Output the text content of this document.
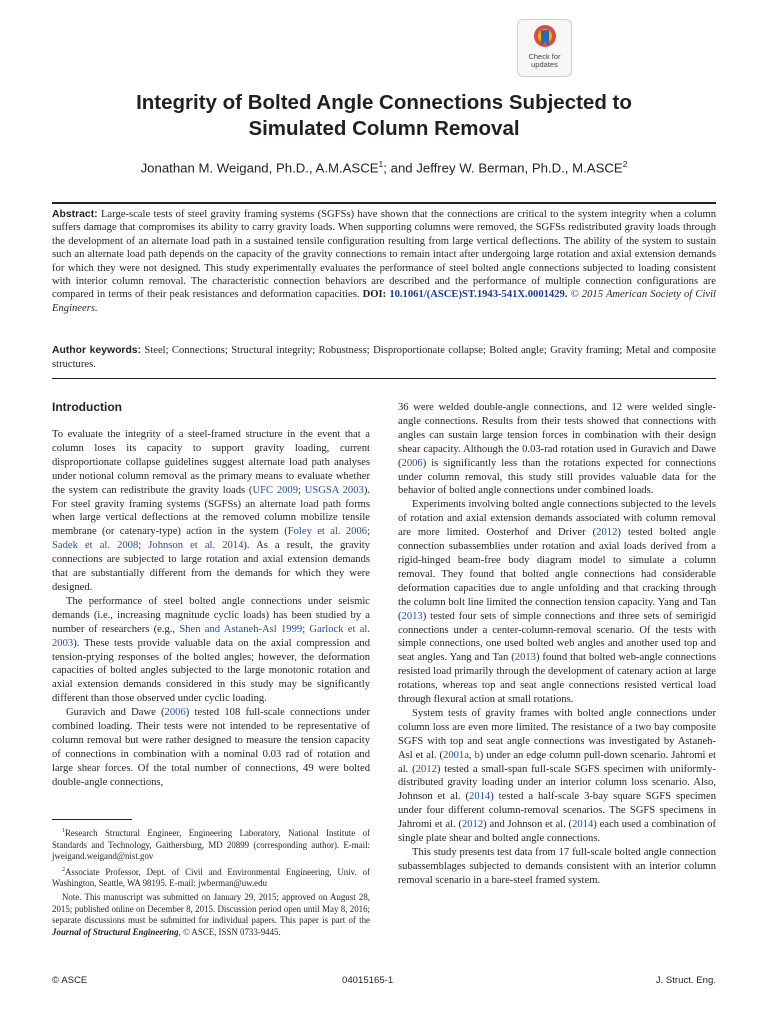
Check for
updates
Integrity of Bolted Angle Connections Subjected to
Simulated Column Removal

Jonathan M. Weigand, Ph.D., A.M.ASCE$^1$; and Jeffrey W. Berman, Ph.D., M.ASCE$^2$

Abstract: Large-scale tests of steel gravity framing systems (SGFSs) have shown that the connections are critical to the system integrity when a column suffers damage that compromises its ability to carry gravity loads. When supporting columns were removed, the SGFSs redistributed gravity loads through the development of an alternate load path in a sustained tensile configuration resulting from large vertical deflections. The ability of the system to sustain such an alternate load path depends on the capacity of the gravity connections to remain intact after undergoing large rotation and axial extension demands for which they were not designed. This study experimentally evaluates the performance of steel bolted angle connections subjected to loading consistent with interior column removal. The characteristic connection behaviors are described and the performance of multiple connection configurations are compared in terms of their peak resistances and deformation capacities. DOI: 10.1061/(ASCE)ST.1943-541X.0001429. © 2015 American Society of Civil Engineers.

Author keywords: Steel; Connections; Structural integrity; Robustness; Disproportionate collapse; Bolted angle; Gravity framing; Metal and composite structures.

Introduction

To evaluate the integrity of a steel-framed structure in the event that a column loses its capacity to support gravity loading, current disproportionate collapse guidelines suggest alternate load path analyses under notional column removal as the primary means to evaluate whether the system can redistribute the gravity loads (UFC 2009; USGSA 2003). For steel gravity framing systems (SGFSs) an alternate load path forms when large vertical deflections at the removed column mobilize tensile membrane (or catenary-type) action in the system (Foley et al. 2006; Sadek et al. 2008; Johnson et al. 2014). As a result, the gravity connections are subjected to large rotation and axial extension demands that are substantially different from the demands for which they were designed.

The performance of steel bolted angle connections under seismic demands (i.e., increasing magnitude cyclic loads) has been studied by a number of researchers (e.g., Shen and Astaneh-Asl 1999; Garlock et al. 2003). These tests provide valuable data on the axial compression and tension-prying responses of the bolted angles; however, the deformation capacities of bolted angles subjected to the large monotonic rotation and axial extension demands considered in this study may be significantly different than those observed under cyclic loading.

Guravich and Dawe (2006) tested 108 full-scale connections under combined loading. Their tests were not intended to be representative of column removal but were rather designed to measure the tension capacity of connections in combination with a nominal 0.03 rad of rotation and large shear forces. Of the total number of connections, 49 were bolted double-angle connections,

$^1$Research Structural Engineer, Engineering Laboratory, National Institute of Standards and Technology, Gaithersburg, MD 20899 (corresponding author). E-mail: jweigand.weigand@nist.gov

$^2$Associate Professor, Dept. of Civil and Environmental Engineering, Univ. of Washington, Seattle, WA 98195. E-mail: jwberman@uw.edu

Note. This manuscript was submitted on January 29, 2015; approved on August 28, 2015; published online on December 8, 2015. Discussion period open until May 8, 2016; separate discussions must be submitted for individual papers. This paper is part of the Journal of Structural Engineering, © ASCE, ISSN 0733-9445.

36 were welded double-angle connections, and 12 were welded single-angle connections. Results from their tests showed that connections with angles can sustain large tension forces in combination with their design shear capacity. Although the 0.03-rad rotation used in Guravich and Dawe (2006) is significantly less than the rotations expected for connections under column removal, this study still provides valuable data for the behavior of bolted angle connections under combined loads.

Experiments involving bolted angle connections subjected to the levels of rotation and axial extension demands associated with column removal are more limited. Oosterhof and Driver (2012) tested bolted angle connection subassemblies under rotation and axial loads derived from a rigid-hinged beam-free body diagram model to simulate a column removal. They found that bolted angle connections had considerable deformation capacities due to angle unfolding and that cracking through the column bolt line limited the connection tension capacity. Yang and Tan (2013) tested four sets of simple connections and three sets of semirigid connections under a center-column-removal scenario. Of the tests with simple connections, one used bolted web angles and another used top and seat angles. Yang and Tan (2013) found that bolted web-angle connections resisted load primarily through the development of catenary action at large rotations, whereas top and seat angle connections resisted vertical load through flexural action at small rotations.

System tests of gravity frames with bolted angle connections under column loss are even more limited. The resistance of a two bay composite SGFS with top and seat angle connections was investigated by Astaneh-Asl et al. (2001a, b) under an edge column pull-down scenario. Jahromi et al. (2012) tested a small-span full-scale SGFS specimen with uniformly-distributed gravity loading under an interior column loss scenario. Also, Johnson et al. (2014) tested a half-scale 3-bay square SGFS specimen under four different column-removal scenarios. The SGFS specimens in Jahromi et al. (2012) and Johnson et al. (2014) each used a combination of single plate shear and bolted angle connections.

This study presents test data from 17 full-scale bolted angle connection subassemblages subjected to demands consistent with an interior column removal scenario in a bare-steel framed system.

© ASCE	04015165-1	J. Struct. Eng.
